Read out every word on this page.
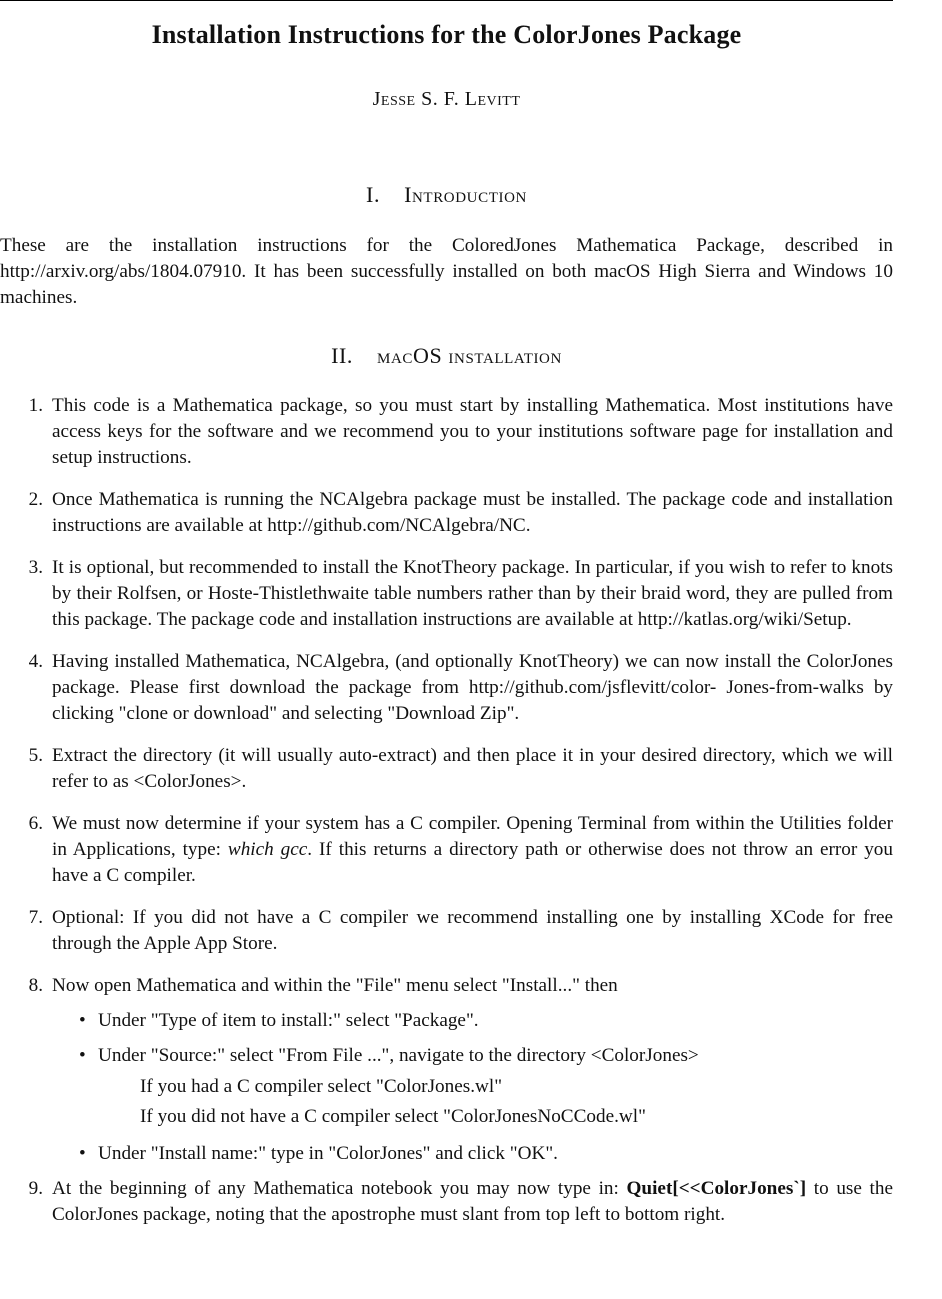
Installation Instructions for the ColorJones Package
Jesse S. F. Levitt
I. Introduction

These are the installation instructions for the ColoredJones Mathematica Package, described in http://arxiv.org/abs/1804.07910. It has been successfully installed on both macOS High Sierra and Windows 10 machines.

II. macOS installation
1 . This code is a Mathematica package, so you must start by installing Mathematica. Most institutions have access keys for the software and we recommend you to your institutions software page for installation and setup instructions.
2 . Once Mathematica is running the NCAlgebra package must be installed. The package code and installation instructions are available at http://github.com/NCAlgebra/NC.
3 . It is optional, but recommended to install the KnotTheory package. In particular, if you wish to refer to knots by their Rolfsen, or Hoste-Thistlethwaite table numbers rather than by their braid word, they are pulled from this package. The package code and installation instructions are available at http://katlas.org/wiki/Setup.
4 . Having installed Mathematica, NCAlgebra, (and optionally KnotTheory) we can now install the ColorJones package. Please first download the package from http://github.com/jsflevitt/color- Jones-from-walks by clicking "clone or download" and selecting "Download Zip".
5 . Extract the directory (it will usually auto-extract) and then place it in your desired directory, which we will refer to as <ColorJones>.
6 . We must now determine if your system has a C compiler. Opening Terminal from within the Utilities folder in Applications, type: which gcc. If this returns a directory path or otherwise does not throw an error you have a C compiler.
7 . Optional: If you did not have a C compiler we recommend installing one by installing XCode for free through the Apple App Store.
8 . Now open Mathematica and within the "File" menu select "Install..." then
• Under "Type of item to install:" select "Package".
• Under "Source:" select "From File ...", navigate to the directory <ColorJones>
If you had a C compiler select "ColorJones.wl"
If you did not have a C compiler select "ColorJonesNoCCode.wl"
• Under "Install name:" type in "ColorJones" and click "OK".
9 . At the beginning of any Mathematica notebook you may now type in: Quiet[<<ColorJones`] to use the ColorJones package, noting that the apostrophe must slant from top left to bottom right.
